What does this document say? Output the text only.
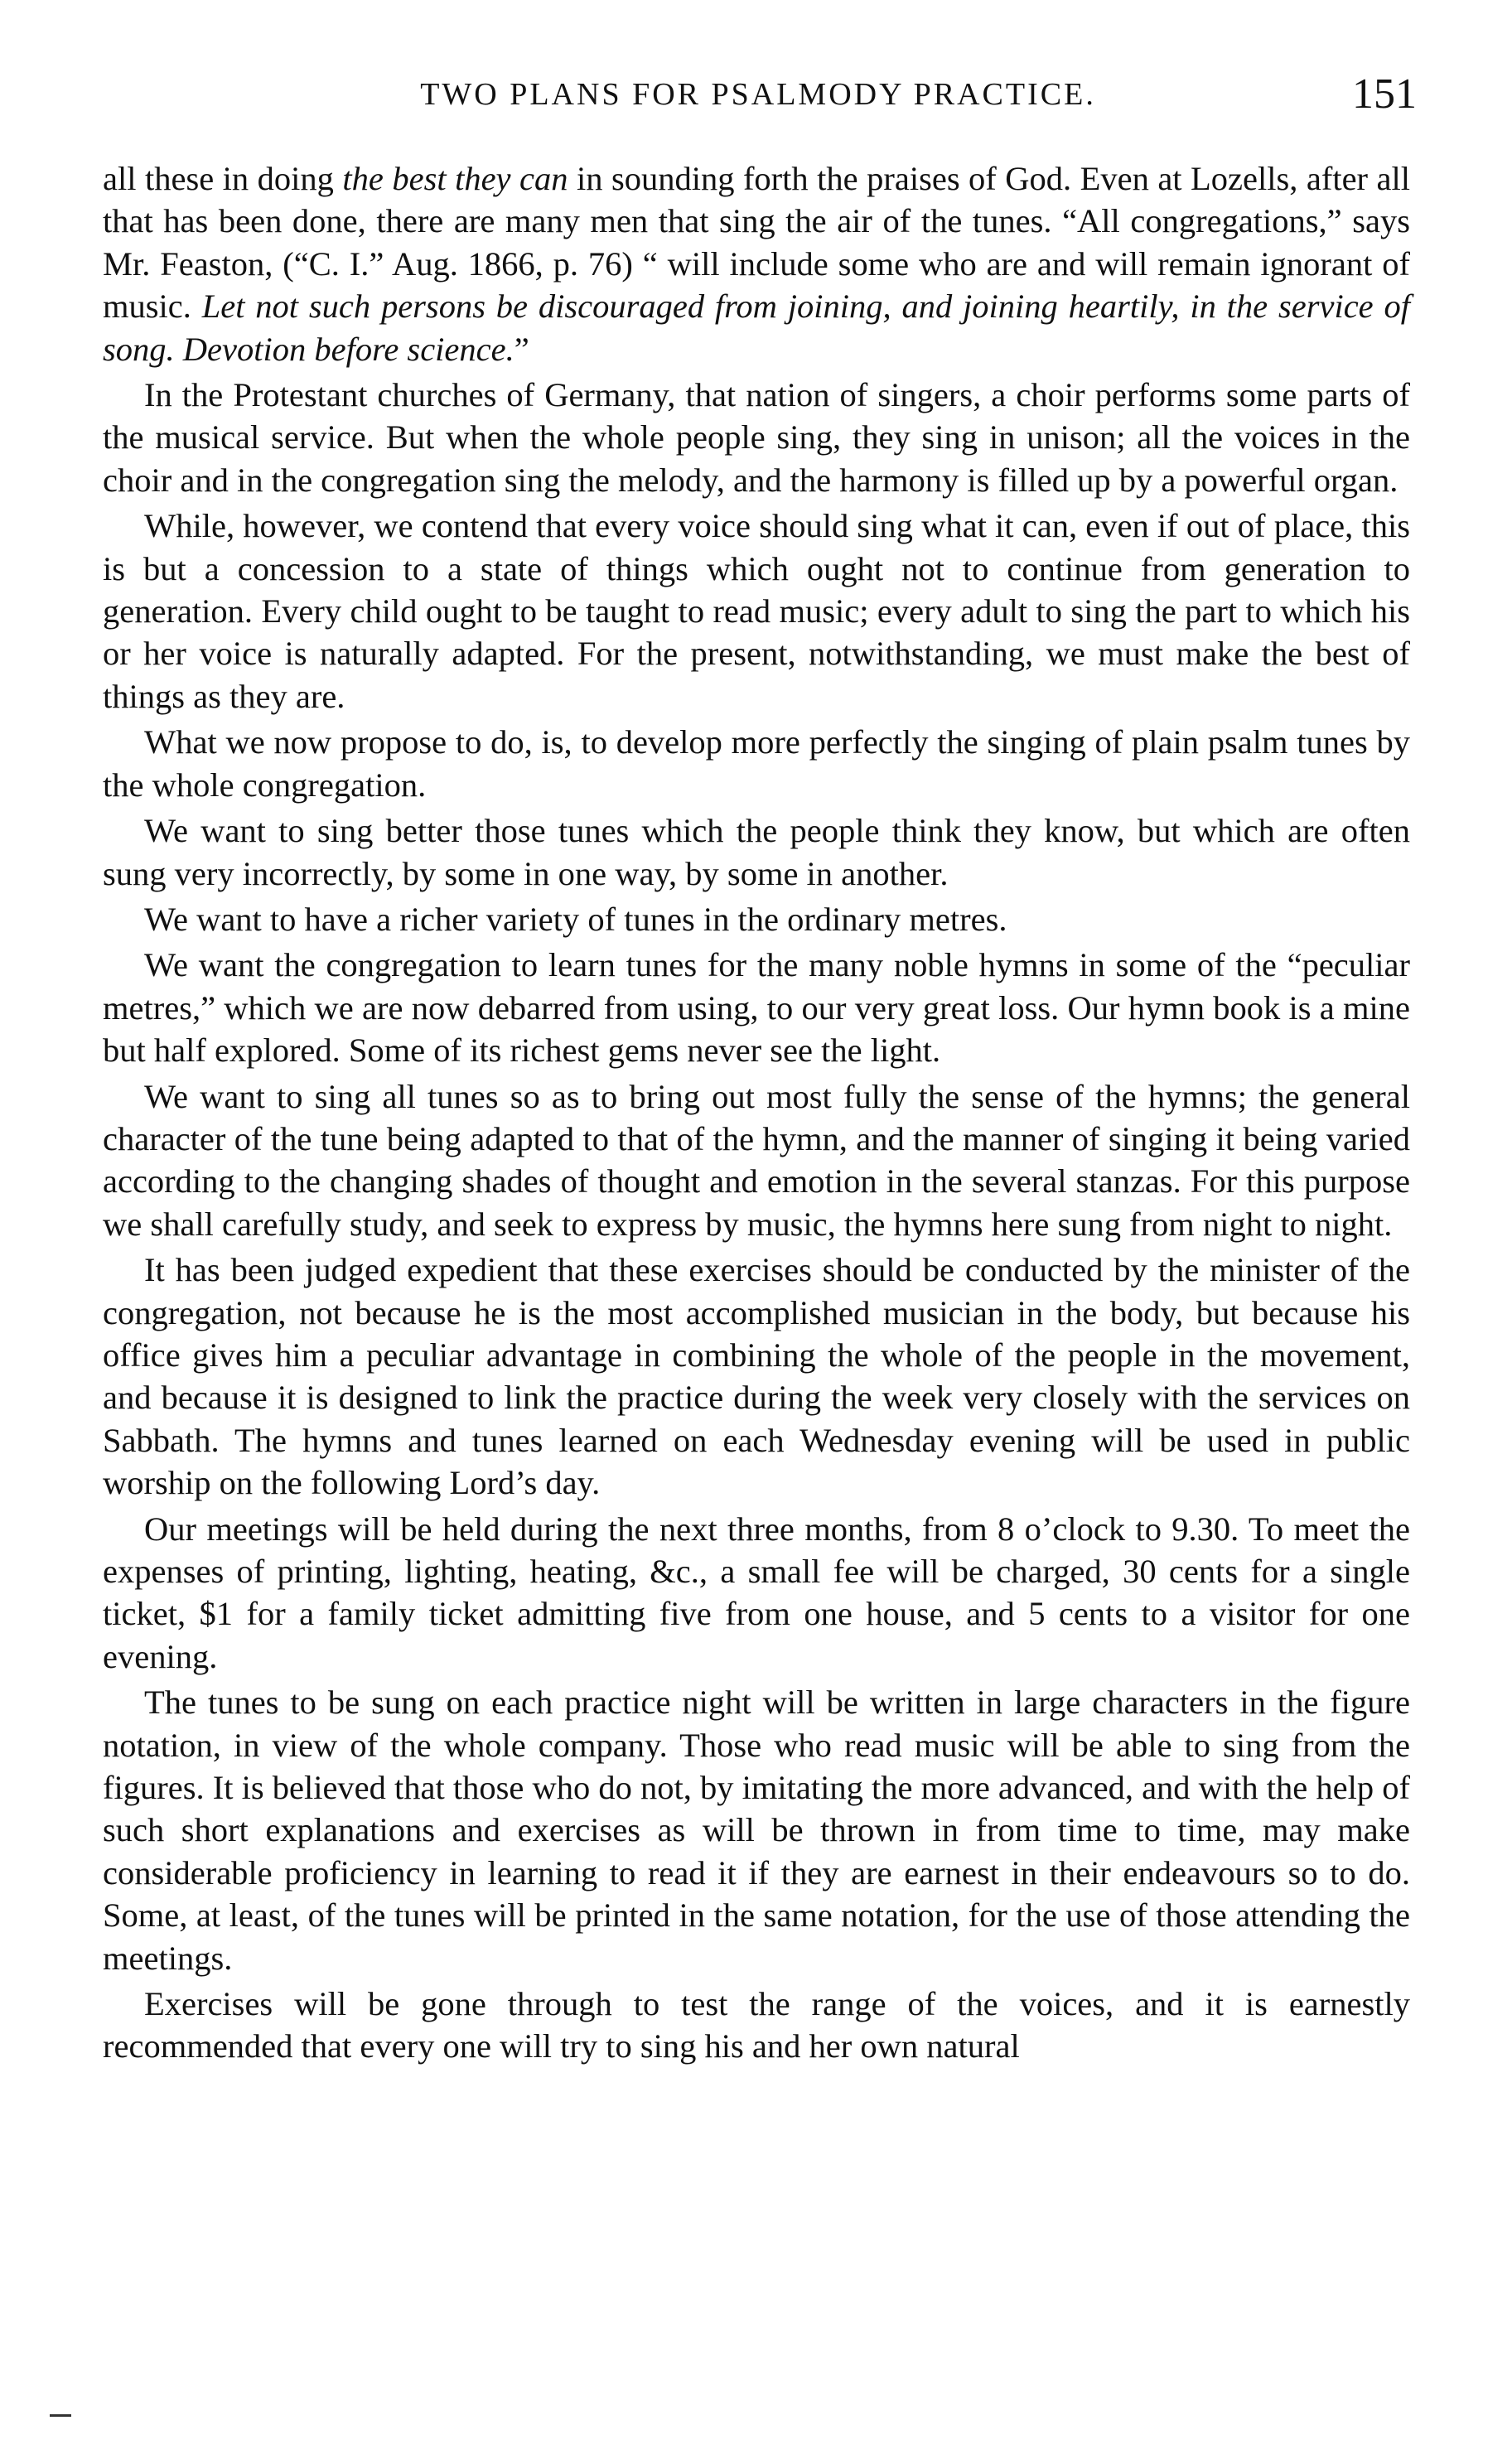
TWO PLANS FOR PSALMODY PRACTICE.	151

all these in doing the best they can in sounding forth the praises of God. Even at Lozells, after all that has been done, there are many men that sing the air of the tunes. “All congregations,” says Mr. Feaston, (“C. I.” Aug. 1866, p. 76) “ will include some who are and will remain ignorant of music. Let not such persons be discouraged from joining, and joining heartily, in the service of song. Devotion before science.”

In the Protestant churches of Germany, that nation of singers, a choir performs some parts of the musical service. But when the whole people sing, they sing in unison; all the voices in the choir and in the congregation sing the melody, and the harmony is filled up by a powerful organ.

While, however, we contend that every voice should sing what it can, even if out of place, this is but a concession to a state of things which ought not to continue from generation to generation. Every child ought to be taught to read music; every adult to sing the part to which his or her voice is naturally adapted. For the present, notwithstanding, we must make the best of things as they are.

What we now propose to do, is, to develop more perfectly the singing of plain psalm tunes by the whole congregation.

We want to sing better those tunes which the people think they know, but which are often sung very incorrectly, by some in one way, by some in another.

We want to have a richer variety of tunes in the ordinary metres.

We want the congregation to learn tunes for the many noble hymns in some of the “peculiar metres,” which we are now debarred from using, to our very great loss. Our hymn book is a mine but half explored. Some of its richest gems never see the light.

We want to sing all tunes so as to bring out most fully the sense of the hymns; the general character of the tune being adapted to that of the hymn, and the manner of singing it being varied according to the changing shades of thought and emotion in the several stanzas. For this purpose we shall carefully study, and seek to express by music, the hymns here sung from night to night.

It has been judged expedient that these exercises should be conducted by the minister of the congregation, not because he is the most accomplished musician in the body, but because his office gives him a peculiar advantage in combining the whole of the people in the movement, and because it is designed to link the practice during the week very closely with the services on Sabbath. The hymns and tunes learned on each Wednesday evening will be used in public worship on the following Lord’s day.

Our meetings will be held during the next three months, from 8 o’clock to 9.30. To meet the expenses of printing, lighting, heating, &c., a small fee will be charged, 30 cents for a single ticket, $1 for a family ticket admitting five from one house, and 5 cents to a visitor for one evening.

The tunes to be sung on each practice night will be written in large characters in the figure notation, in view of the whole company. Those who read music will be able to sing from the figures. It is believed that those who do not, by imitating the more advanced, and with the help of such short explanations and exercises as will be thrown in from time to time, may make considerable proficiency in learning to read it if they are earnest in their endeavours so to do. Some, at least, of the tunes will be printed in the same notation, for the use of those attending the meetings.

Exercises will be gone through to test the range of the voices, and it is earnestly recommended that every one will try to sing his and her own natural
